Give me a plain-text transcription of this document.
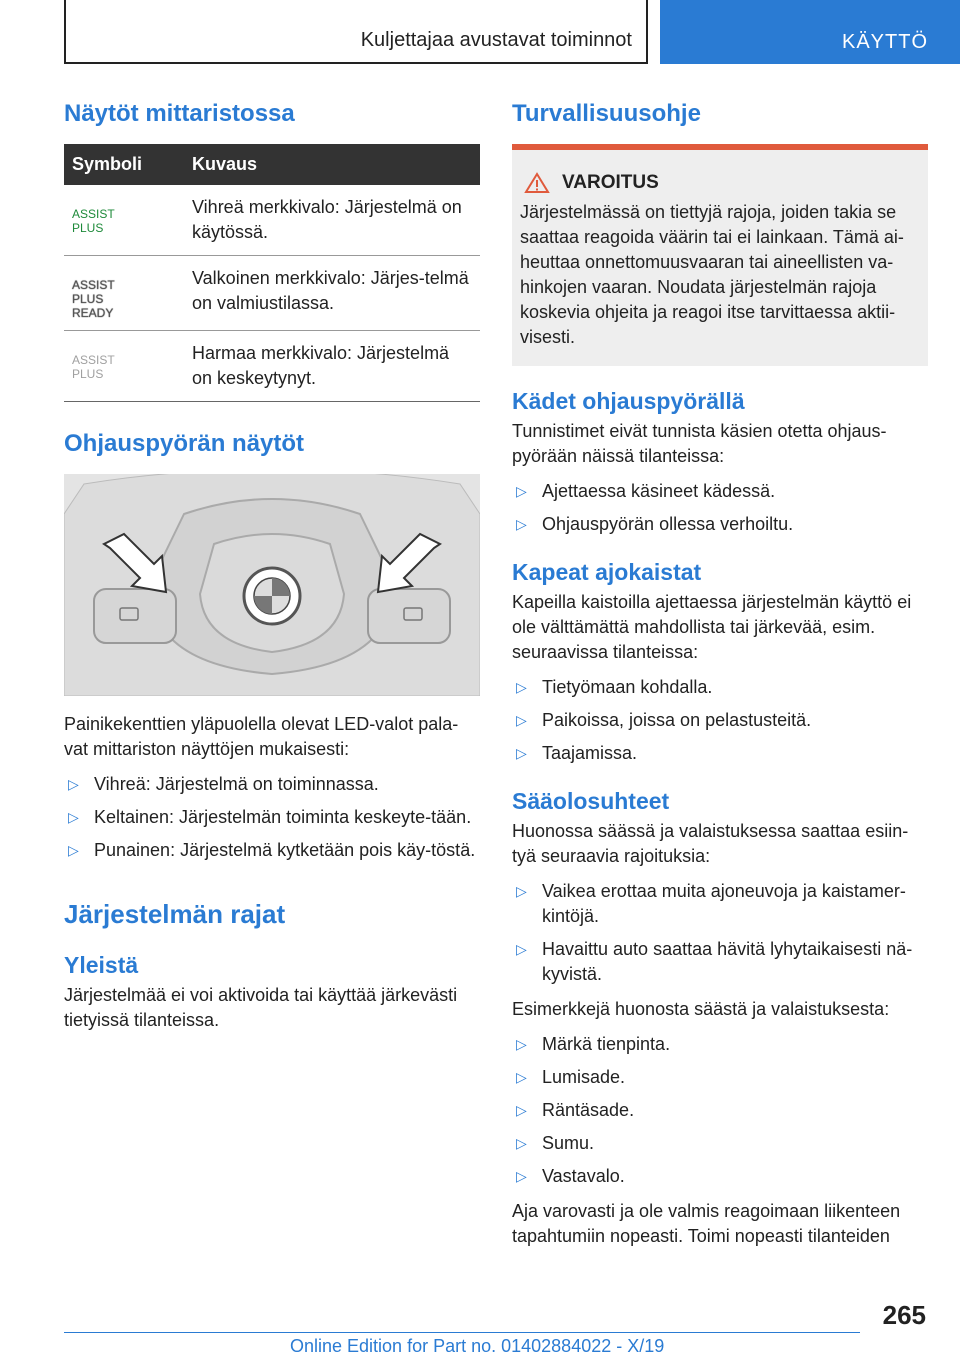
Kuljettajaa avustavat toiminnot	KÄYTTÖ
Näytöt mittaristossa
Symboli	Kuvaus

ASSIST
PLUS	Vihreä merkkivalo: Järjestelmä on käytössä.

ASSIST
PLUS
READY	Valkoinen merkkivalo: Järjes-telmä on valmiustilassa.

ASSIST
PLUS	Harmaa merkkivalo: Järjestelmä on keskeytynyt.
Ohjauspyörän näytöt

Painikekenttien yläpuolella olevat LED-valot pala-vat mittariston näyttöjen mukaisesti:

▷ Vihreä: Järjestelmä on toiminnassa.
▷ Keltainen: Järjestelmän toiminta keskeyte-tään.
▷ Punainen: Järjestelmä kytketään pois käy-töstä.
Järjestelmän rajat
Yleistä

Järjestelmää ei voi aktivoida tai käyttää järkevästi tietyissä tilanteissa.

Turvallisuusohje
VAROITUS

Järjestelmässä on tiettyjä rajoja, joiden takia se saattaa reagoida väärin tai ei lainkaan. Tämä ai-heuttaa onnettomuusvaaran tai aineellisten va-hinkojen vaaran. Noudata järjestelmän rajoja koskevia ohjeita ja reagoi itse tarvittaessa aktii-visesti.

Kädet ohjauspyörällä

Tunnistimet eivät tunnista käsien otetta ohjaus-pyörään näissä tilanteissa:

▷ Ajettaessa käsineet kädessä.
▷ Ohjauspyörän ollessa verhoiltu.
Kapeat ajokaistat

Kapeilla kaistoilla ajettaessa järjestelmän käyttö ei ole välttämättä mahdollista tai järkevää, esim. seuraavissa tilanteissa:

▷ Tietyömaan kohdalla.
▷ Paikoissa, joissa on pelastusteitä.
▷ Taajamissa.
Sääolosuhteet

Huonossa säässä ja valaistuksessa saattaa esiin-tyä seuraavia rajoituksia:

▷ Vaikea erottaa muita ajoneuvoja ja kaistamer-kintöjä.
▷ Havaittu auto saattaa hävitä lyhytaikaisesti nä-kyvistä.

Esimerkkejä huonosta säästä ja valaistuksesta:

▷ Märkä tienpinta.
▷ Lumisade.
▷ Räntäsade.
▷ Sumu.
▷ Vastavalo.

Aja varovasti ja ole valmis reagoimaan liikenteen tapahtumiin nopeasti. Toimi nopeasti tilanteiden

265
Online Edition for Part no. 01402884022 - X/19
